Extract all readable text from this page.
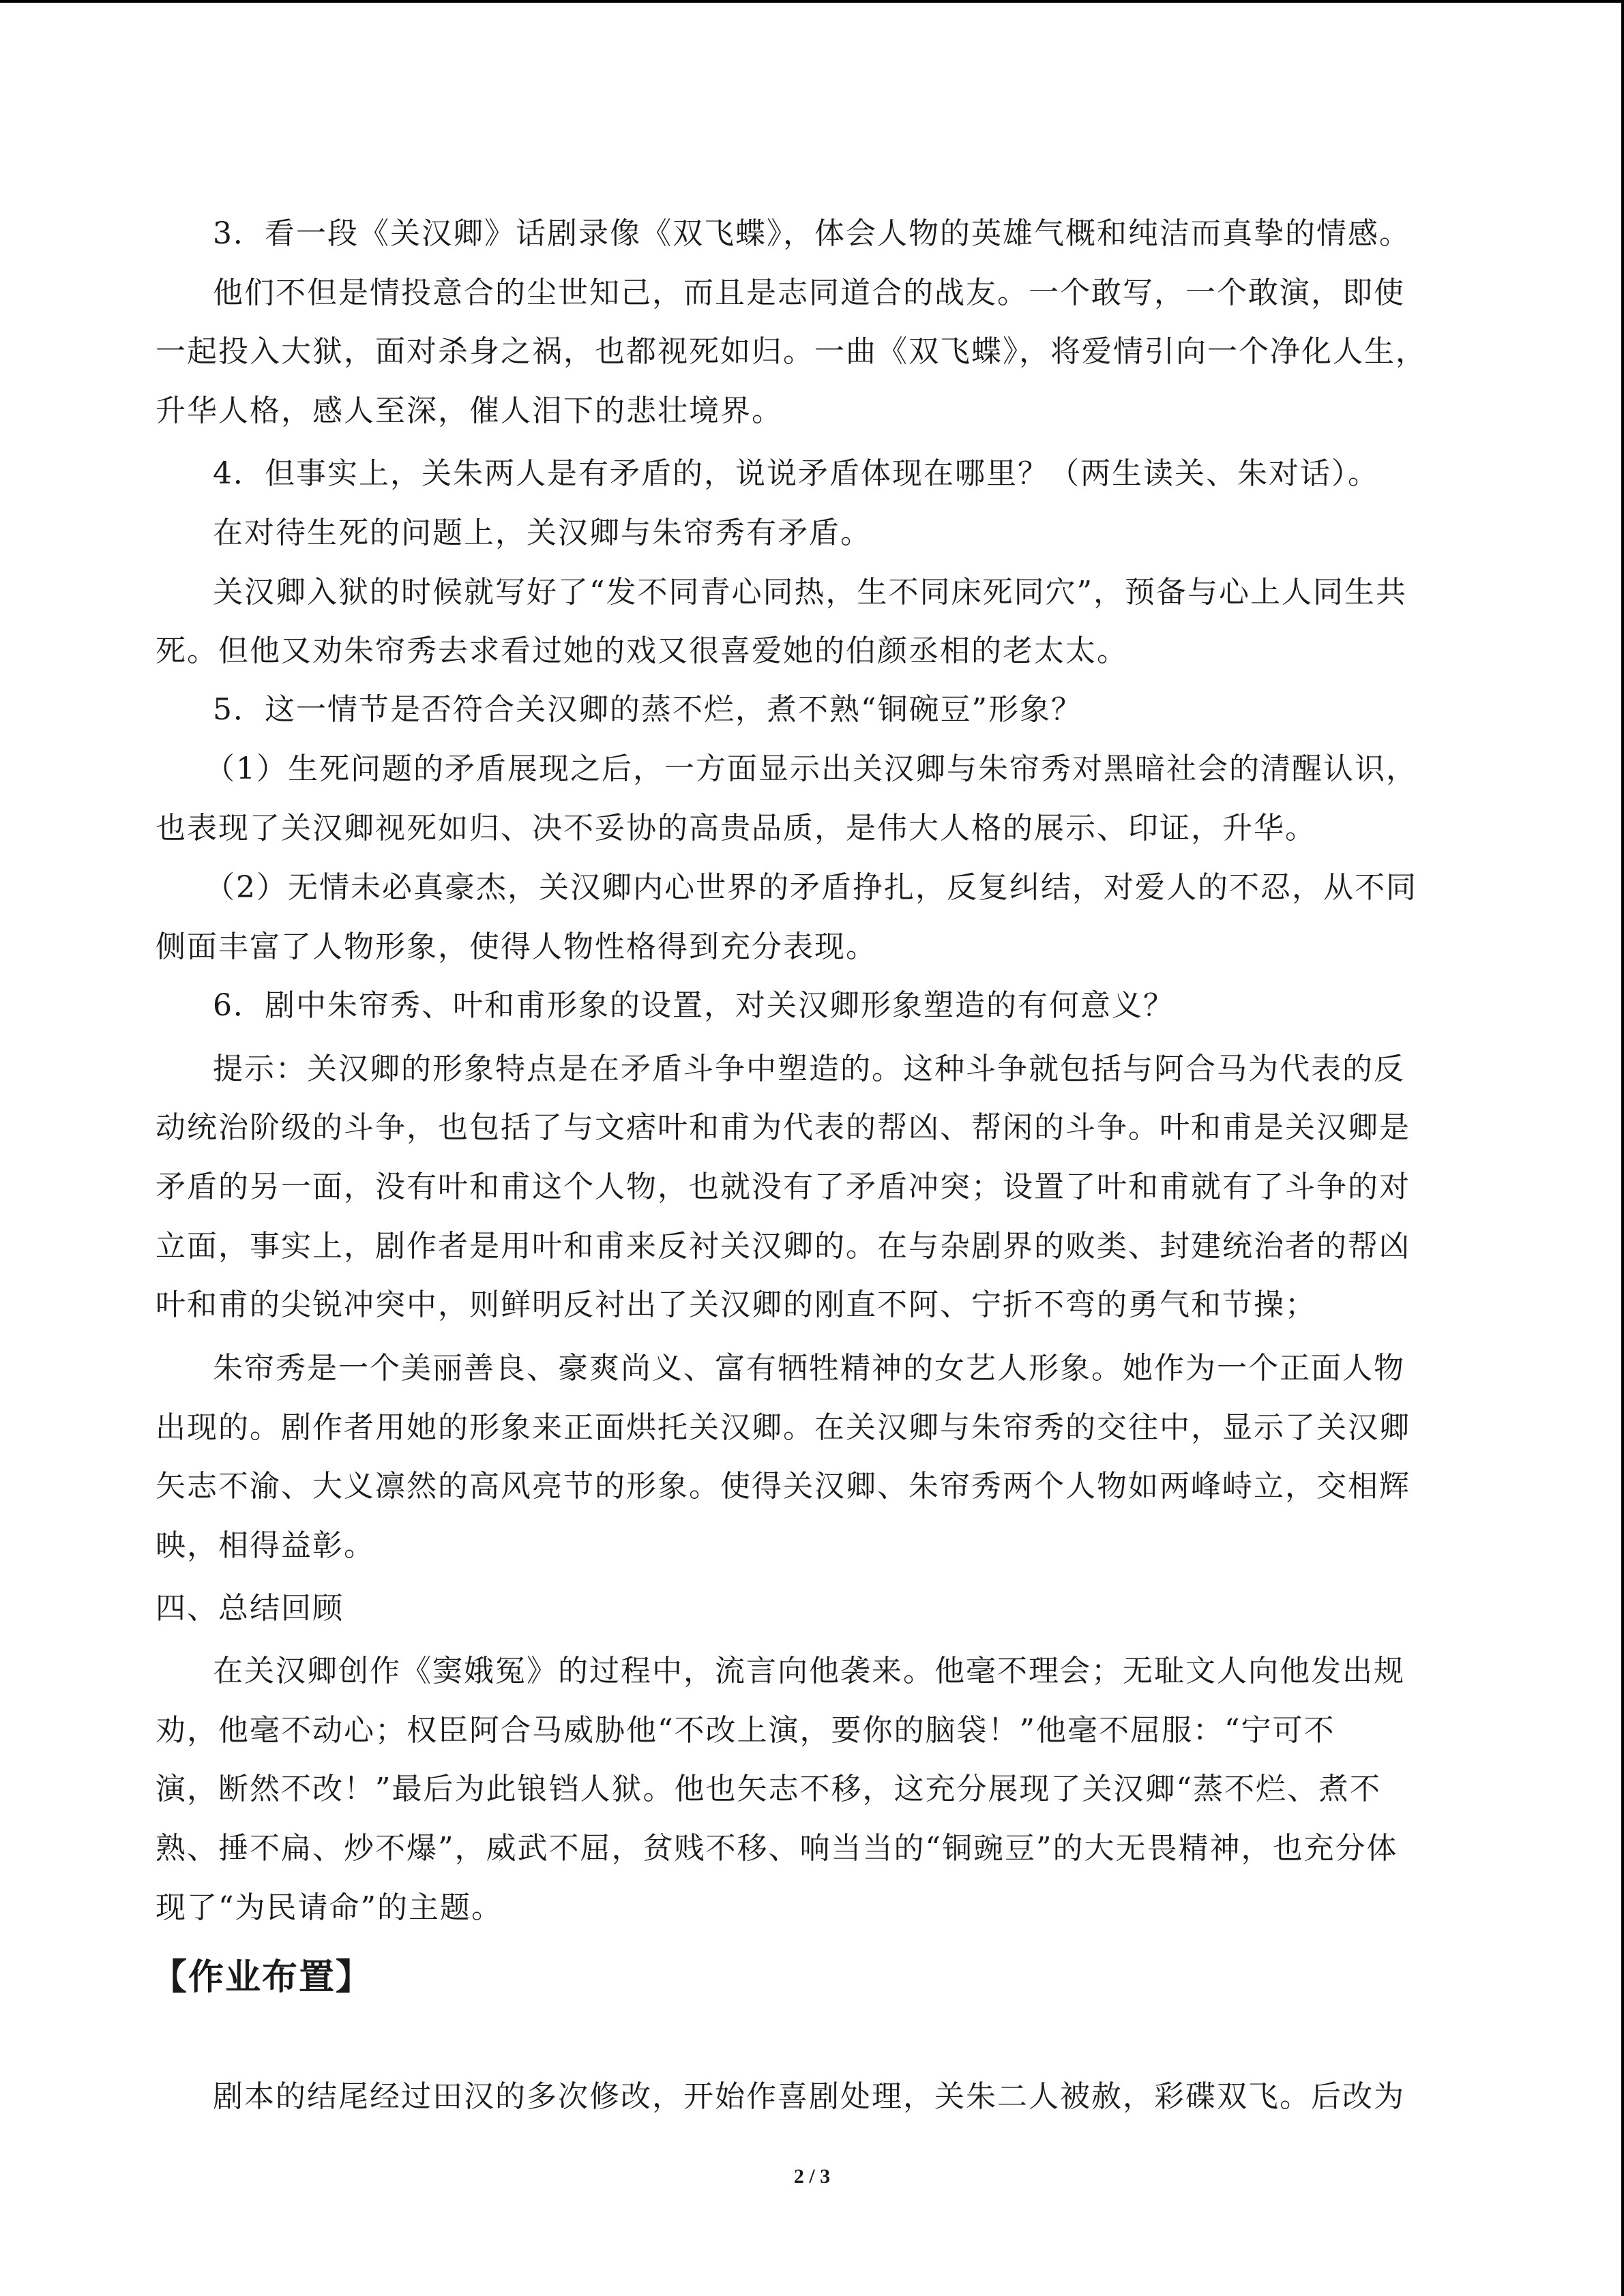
3．看一段《关汉卿》话剧录像《双飞蝶》，体会人物的英雄气概和纯洁而真挚的情感。
他们不但是情投意合的尘世知己，而且是志同道合的战友。一个敢写，一个敢演，即使
一起投入大狱，面对杀身之祸，也都视死如归。一曲《双飞蝶》，将爱情引向一个净化人生，
升华人格，感人至深，催人泪下的悲壮境界。
4．但事实上，关朱两人是有矛盾的，说说矛盾体现在哪里？（两生读关、朱对话）。
在对待生死的问题上，关汉卿与朱帘秀有矛盾。
关汉卿入狱的时候就写好了“发不同青心同热，生不同床死同穴”，预备与心上人同生共
死。但他又劝朱帘秀去求看过她的戏又很喜爱她的伯颜丞相的老太太。
5．这一情节是否符合关汉卿的蒸不烂，煮不熟“铜碗豆”形象？
（1）生死问题的矛盾展现之后，一方面显示出关汉卿与朱帘秀对黑暗社会的清醒认识，
也表现了关汉卿视死如归、决不妥协的高贵品质，是伟大人格的展示、印证，升华。
（2）无情未必真豪杰，关汉卿内心世界的矛盾挣扎，反复纠结，对爱人的不忍，从不同
侧面丰富了人物形象，使得人物性格得到充分表现。
6．剧中朱帘秀、叶和甫形象的设置，对关汉卿形象塑造的有何意义？
提示：关汉卿的形象特点是在矛盾斗争中塑造的。这种斗争就包括与阿合马为代表的反
动统治阶级的斗争，也包括了与文痞叶和甫为代表的帮凶、帮闲的斗争。叶和甫是关汉卿是
矛盾的另一面，没有叶和甫这个人物，也就没有了矛盾冲突；设置了叶和甫就有了斗争的对
立面，事实上，剧作者是用叶和甫来反衬关汉卿的。在与杂剧界的败类、封建统治者的帮凶
叶和甫的尖锐冲突中，则鲜明反衬出了关汉卿的刚直不阿、宁折不弯的勇气和节操；
朱帘秀是一个美丽善良、豪爽尚义、富有牺牲精神的女艺人形象。她作为一个正面人物
出现的。剧作者用她的形象来正面烘托关汉卿。在关汉卿与朱帘秀的交往中，显示了关汉卿
矢志不渝、大义凛然的高风亮节的形象。使得关汉卿、朱帘秀两个人物如两峰峙立，交相辉
映，相得益彰。
四、总结回顾
在关汉卿创作《窦娥冤》的过程中，流言向他袭来。他毫不理会；无耻文人向他发出规
劝，他毫不动心；权臣阿合马威胁他“不改上演，要你的脑袋！”他毫不屈服：“宁可不
演，断然不改！”最后为此锒铛人狱。他也矢志不移，这充分展现了关汉卿“蒸不烂、煮不
熟、捶不扁、炒不爆”，威武不屈，贫贱不移、响当当的“铜豌豆”的大无畏精神，也充分体
现了“为民请命”的主题。
【作业布置】
剧本的结尾经过田汉的多次修改，开始作喜剧处理，关朱二人被赦，彩碟双飞。后改为
2 / 3
